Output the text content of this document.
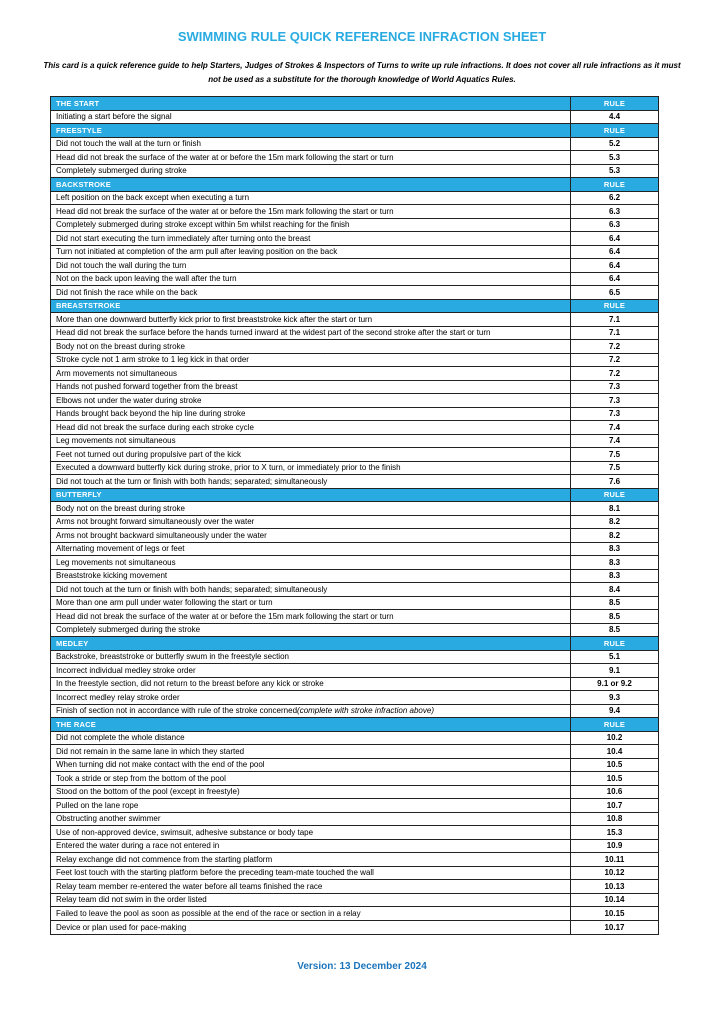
SWIMMING RULE QUICK REFERENCE INFRACTION SHEET
This card is a quick reference guide to help Starters, Judges of Strokes & Inspectors of Turns to write up rule infractions. It does not cover all rule infractions as it must
not be used as a substitute for the thorough knowledge of World Aquatics Rules.
THE START	RULE
Initiating a start before the signal	4.4
FREESTYLE	RULE
Did not touch the wall at the turn or finish	5.2
Head did not break the surface of the water at or before the 15m mark following the start or turn	5.3
Completely submerged during stroke	5.3
BACKSTROKE	RULE
Left position on the back except when executing a turn	6.2
Head did not break the surface of the water at or before the 15m mark following the start or turn	6.3
Completely submerged during stroke except within 5m whilst reaching for the finish	6.3
Did not start executing the turn immediately after turning onto the breast	6.4
Turn not initiated at completion of the arm pull after leaving position on the back	6.4
Did not touch the wall during the turn	6.4
Not on the back upon leaving the wall after the turn	6.4
Did not finish the race while on the back	6.5
BREASTSTROKE	RULE
More than one downward butterfly kick prior to first breaststroke kick after the start or turn	7.1
Head did not break the surface before the hands turned inward at the widest part of the second stroke after the start or turn	7.1
Body not on the breast during stroke	7.2
Stroke cycle not 1 arm stroke to 1 leg kick in that order	7.2
Arm movements not simultaneous	7.2
Hands not pushed forward together from the breast	7.3
Elbows not under the water during stroke	7.3
Hands brought back beyond the hip line during stroke	7.3
Head did not break the surface during each stroke cycle	7.4
Leg movements not simultaneous	7.4
Feet not turned out during propulsive part of the kick	7.5
Executed a downward butterfly kick during stroke, prior to X turn, or immediately prior to the finish	7.5
Did not touch at the turn or finish with both hands; separated; simultaneously	7.6
BUTTERFLY	RULE
Body not on the breast during stroke	8.1
Arms not brought forward simultaneously over the water	8.2
Arms not brought backward simultaneously under the water	8.2
Alternating movement of legs or feet	8.3
Leg movements not simultaneous	8.3
Breaststroke kicking movement	8.3
Did not touch at the turn or finish with both hands; separated; simultaneously	8.4
More than one arm pull under water following the start or turn	8.5
Head did not break the surface of the water at or before the 15m mark following the start or turn	8.5
Completely submerged during the stroke	8.5
MEDLEY	RULE
Backstroke, breaststroke or butterfly swum in the freestyle section	5.1
Incorrect individual medley stroke order	9.1
In the freestyle section, did not return to the breast before any kick or stroke	9.1 or 9.2
Incorrect medley relay stroke order	9.3
Finish of section not in accordance with rule of the stroke concerned (complete with stroke infraction above)	9.4
THE RACE	RULE
Did not complete the whole distance	10.2
Did not remain in the same lane in which they started	10.4
When turning did not make contact with the end of the pool	10.5
Took a stride or step from the bottom of the pool	10.5
Stood on the bottom of the pool (except in freestyle)	10.6
Pulled on the lane rope	10.7
Obstructing another swimmer	10.8
Use of non-approved device, swimsuit, adhesive substance or body tape	15.3
Entered the water during a race not entered in	10.9
Relay exchange did not commence from the starting platform	10.11
Feet lost touch with the starting platform before the preceding team-mate touched the wall	10.12
Relay team member re-entered the water before all teams finished the race	10.13
Relay team did not swim in the order listed	10.14
Failed to leave the pool as soon as possible at the end of the race or section in a relay	10.15
Device or plan used for pace-making	10.17
Version: 13 December 2024
